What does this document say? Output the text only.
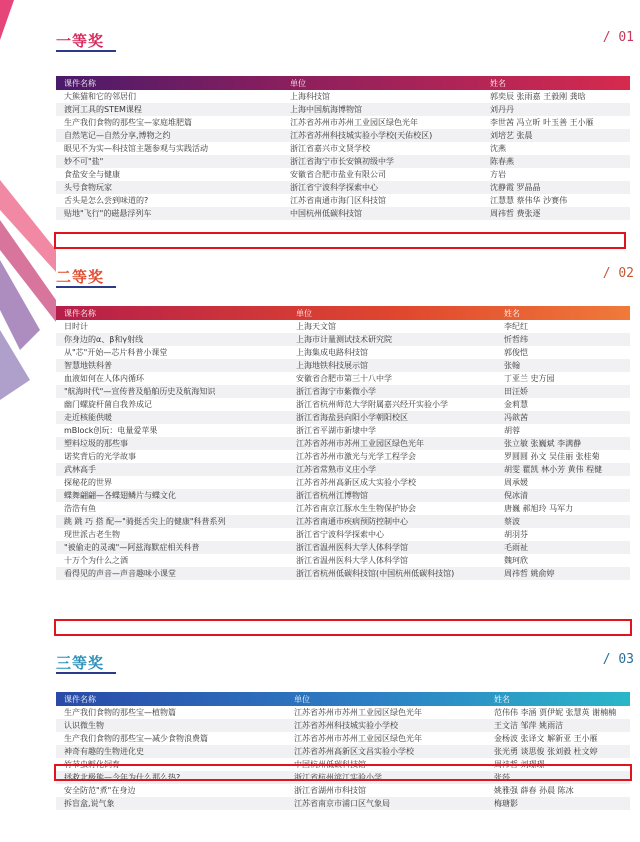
一等奖	/ 01
课件名称	单位	姓名
大熊猫和它的邻居们	上海科技馆	郭奕辰 张雨嘉 王毅刚 龚晗
渡河工具的STEM课程	上海中国航海博物馆	刘丹丹
生产我们食物的那些宝—家庭堆肥篇	江苏省苏州市苏州工业园区绿色光年	李世茜 冯立昕 叶玉善 王小雁
自然笔记—自然分享,博物之约	江苏省苏州科技城实验小学校(天佑校区)	刘培艺 张晨
眼见不为实—科技馆主题参观与实践活动	浙江省嘉兴市文贤学校	沈燕
妙不可"盐"	浙江省海宁市长安镇初级中学	陈春燕
食盐安全与健康	安徽省合肥市盐业有限公司	方岩
头号食物玩家	浙江省宁波科学探索中心	沈静霞 罗晶晶
舌头是怎么尝到味道的?	江苏省南通市海门区科技馆	江慧慧 蔡伟华 沙赛伟
贴地"飞行"的磁悬浮列车	中国杭州低碳科技馆	周祎哲 费张逐
二等奖	/ 02
课件名称	单位	姓名
日时计	上海天文馆	李纪红
你身边的α、β和γ射线	上海市计量测试技术研究院	忻哲纬
从"芯"开始—芯片科普小课堂	上海集成电路科技馆	郭俊恺
智慧地铁科普	上海地铁科技展示馆	张翰
血液如何在人体内循环	安徽省合肥市第三十八中学	丁亚兰 史方园
"航海时代"—宣传普及船舶历史及航海知识	浙江省海宁市紫微小学	田汪娇
幽门螺旋杆菌自我养成记	浙江省杭州师范大学附属嘉兴经开实验小学	金莉慧
走近核能供暖	浙江省海盐县向阳小学朝阳校区	冯歆茜
mBlock创玩：电量爱苹果	浙江省平湖市新埭中学	胡蓉
塑料垃圾的那些事	江苏省苏州市苏州工业园区绿色光年	张立敏 张巍斌 李满静
诺奖背后的光学故事	江苏省苏州市激光与光学工程学会	罗圆圆 孙文 吴佳丽 张桂菊
武林高手	江苏省常熟市义庄小学	胡雯 瞿凯 林小芳 黄伟 程健
探秘花的世界	江苏省苏州高新区成大实验小学校	周承媛
蝶舞翩翩—各蝶翅鳞片与蝶文化	浙江省杭州江博物馆	倪冰清
浩浩有鱼	江苏省南京江豚水生生物保护协会	唐巍 郝旭玲 马军力
跳 跳 巧 搭 配—"骑挺舌尖上的健康"科普系列	江苏省南通市疾病预防控制中心	蔡波
现世派古老生物	浙江省宁波科学探索中心	胡羽芬
"被偷走的灵魂"—阿兹海默症相关科普	浙江省温州医科大学人体科学馆	毛雨祉
十万个为什么之酒	浙江省温州医科大学人体科学馆	魏珂欣
看得见的声音—声音趣味小课堂	浙江省杭州低碳科技馆(中国杭州低碳科技馆)	周祎哲 姚俞婷
三等奖	/ 03
课件名称	单位	姓名
生产我们食物的那些宝—植物篇	江苏省苏州市苏州工业园区绿色光年	范伟伟 李涵 贾伊妮 张慧英 谢楠楠
认识微生物	江苏省苏州科技城实验小学校	王文洁 邹萍 姚雨洁
生产我们食物的那些宝—减少食物浪费篇	江苏省苏州市苏州工业园区绿色光年	金杨波 张译文 解新亚 王小雁
神奇有趣的生物进化史	江苏省苏州高新区文昌实验小学校	张光勇 谈思俊 张刘毅 杜文婷
竹节虫孵化饲育	中国杭州低碳科技馆	周祎哲 刘璟璟
拯救北极熊—今年为什么那么热?	浙江省杭州滨江实验小学	张莎
安全防范"煮"在身边	浙江省湖州市科技馆	姚雅强 薛春 孙晨 陈冰
拆盲盒,说气象	江苏省南京市浦口区气象局	梅瑭影
